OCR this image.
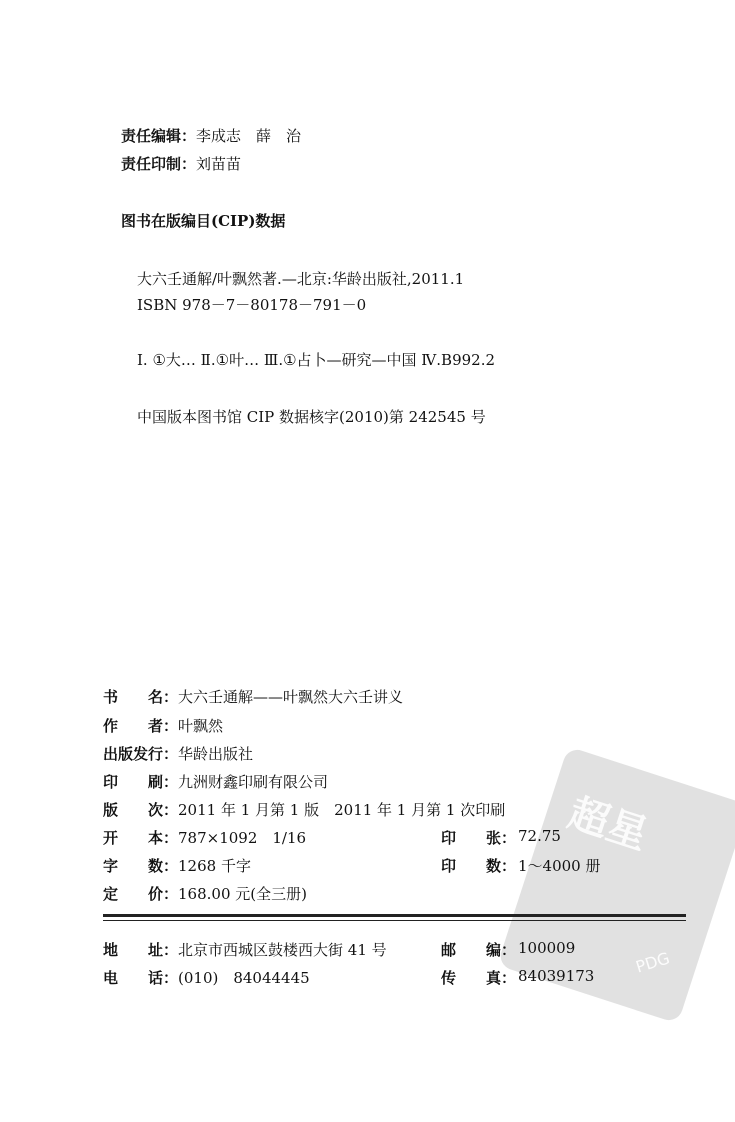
责任编辑：李成志　薛　治
责任印制：刘苗苗
图书在版编目(CIP)数据
大六壬通解/叶飘然著.—北京:华龄出版社,2011.1
ISBN 978－7－80178－791－0
Ⅰ. ①大… Ⅱ.①叶… Ⅲ.①占卜—研究—中国 Ⅳ.B992.2
中国版本图书馆 CIP 数据核字(2010)第 242545 号
超星
PDG
书　　名： 大六壬通解——叶飘然大六壬讲义
作　　者： 叶飘然
出版发行： 华龄出版社
印　　刷： 九洲财鑫印刷有限公司
版　　次： 2011 年 1 月第 1 版　2011 年 1 月第 1 次印刷
开　　本： 787×1092　1/16	印　　张： 72.75
字　　数： 1268 千字	印　　数： 1～4000 册
定　　价： 168.00 元(全三册)
地　　址： 北京市西城区鼓楼西大街 41 号	邮　　编： 100009
电　　话： (010)　84044445	传　　真： 84039173
